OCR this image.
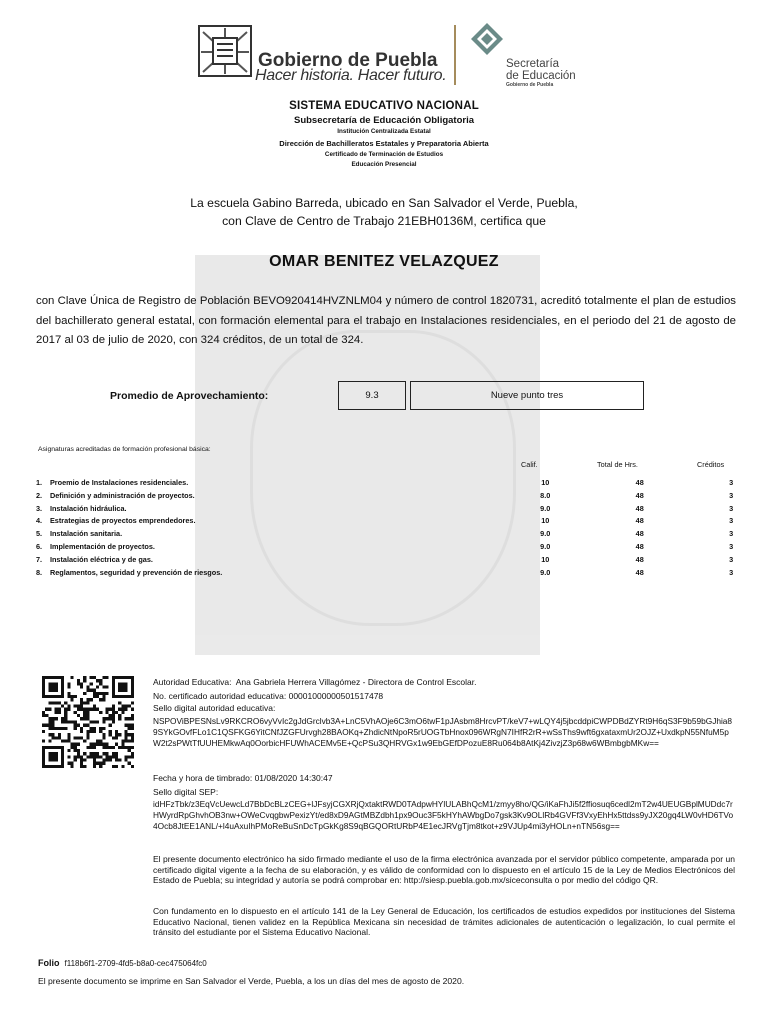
Gobierno de Puebla
Hacer historia. Hacer futuro.
Secretaría
de Educación
Gobierno de Puebla
SISTEMA EDUCATIVO NACIONAL
Subsecretaría de Educación Obligatoria
Institución Centralizada Estatal
Dirección de Bachilleratos Estatales y Preparatoria Abierta
Certificado de Terminación de Estudios
Educación Presencial
La escuela Gabino Barreda, ubicado en San Salvador el Verde, Puebla,
con Clave de Centro de Trabajo 21EBH0136M, certifica que
OMAR BENITEZ VELAZQUEZ
con Clave Única de Registro de Población BEVO920414HVZNLM04 y número de control 1820731, acreditó totalmente el plan de estudios del bachillerato general estatal, con formación elemental para el trabajo en Instalaciones residenciales, en el periodo del 21 de agosto de 2017 al 03 de julio de 2020, con 324 créditos, de un total de 324.
Promedio de Aprovechamiento:	9.3	Nueve punto tres
Asignaturas acreditadas de formación profesional básica:
Calif.	Total de Hrs.	Créditos
1.	Proemio de Instalaciones residenciales.	10	48	3
2.	Definición y administración de proyectos.	8.0	48	3
3.	Instalación hidráulica.	9.0	48	3
4.	Estrategias de proyectos emprendedores.	10	48	3
5.	Instalación sanitaria.	9.0	48	3
6.	Implementación de proyectos.	9.0	48	3
7.	Instalación eléctrica y de gas.	10	48	3
8.	Reglamentos, seguridad y prevención de riesgos.	9.0	48	3
Autoridad Educativa: Ana Gabriela Herrera Villagómez - Directora de Control Escolar.
No. certificado autoridad educativa: 00001000000501517478
Sello digital autoridad educativa:
NSPOViBPESNsLv9RKCRO6vyVvIc2gJdGrclvb3A+LnC5VhAOje6C3mO6twF1pJAsbm8HrcvPT/keV7+wLQY4j5jbcddpiCWPDBdZYRt9H6qS3F9b59bGJhia89SYkGOvfFLo1C1QSFKG6YitCNfJZGFUrvgh28BAOKq+ZhdicNtNpoR5rUOGTbHnox096WRgN7IHfR2rR+wSsThs9wft6gxataxmUr2OJZ+UxdkpN55NfuM5pW2t2sPWtTfUUHEMkwAq0OorbicHFUWhACEMv5E+QcPSu3QHRVGx1w9EbGEfDPozuE8Ru064b8AtKj4ZivzjZ3p68w6WBmbgbMKw==
Fecha y hora de timbrado: 01/08/2020 14:30:47
Sello digital SEP:
idHFzTbk/z3EqVcUewcLd7BbDcBLzCEG+lJFsyjCGXRjQxtaktRWD0TAdpwHYlULABhQcM1/zmyy8ho/QG/iKaFhJi5f2ffiosuq6cedl2mT2w4UEUGBplMUDdc7rHWyrdRpGhvhOB3nw+OWeCvqgbwPexizYt/ed8xD9AGtMBZdbh1px9Ouc3F5kHYhAWbgDo7gsk3Kv9OLlRb4GVFf3VxyEhHx5ttdss9yJX20gq4LW0vHD6TVo4Ocb8JtEE1ANL/+l4uAxuIhPMoReBuSnDcTpGkKg8S9qBGQORtURbP4E1ecJRVgTjm8tkot+z9VJUp4mi3yHOLn+nTN56sg==
El presente documento electrónico ha sido firmado mediante el uso de la firma electrónica avanzada por el servidor público competente, amparada por un certificado digital vigente a la fecha de su elaboración, y es válido de conformidad con lo dispuesto en el artículo 15 de la Ley de Medios Electrónicos del Estado de Puebla; su integridad y autoría se podrá comprobar en: http://siesp.puebla.gob.mx/siceconsulta o por medio del código QR.
Con fundamento en lo dispuesto en el artículo 141 de la Ley General de Educación, los certificados de estudios expedidos por instituciones del Sistema Educativo Nacional, tienen validez en la República Mexicana sin necesidad de trámites adicionales de autenticación o legalización, lo cual permite el tránsito del estudiante por el Sistema Educativo Nacional.
Folio f118b6f1-2709-4fd5-b8a0-cec475064fc0
El presente documento se imprime en San Salvador el Verde, Puebla, a los un días del mes de agosto de 2020.
